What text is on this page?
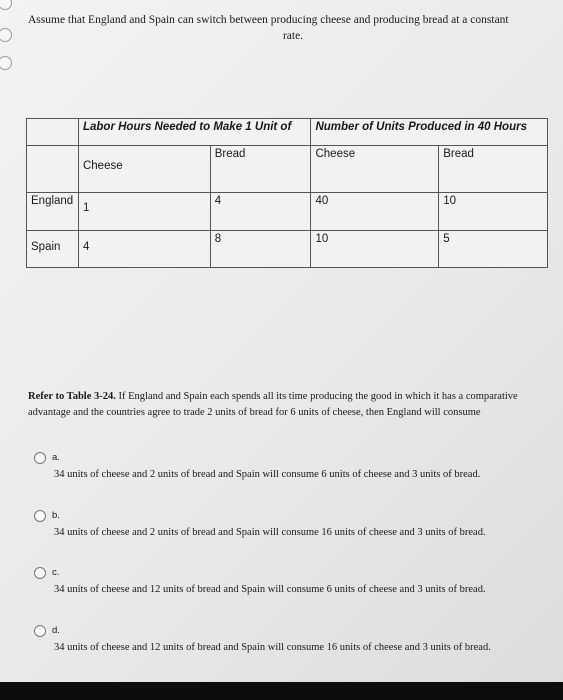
Assume that England and Spain can switch between producing cheese and producing bread at a constant
rate.

	Labor Hours Needed to Make 1 Unit of		Number of Units Produced in 40 Hours	
	Cheese	Bread	Cheese	Bread
England	1	4	40	10
Spain	4	8	10	5

Refer to Table 3-24. If England and Spain each spends all its time producing the good in which it has a comparative advantage and the countries agree to trade 2 units of bread for 6 units of cheese, then England will consume

a.
34 units of cheese and 2 units of bread and Spain will consume 6 units of cheese and 3 units of bread.
b.
34 units of cheese and 2 units of bread and Spain will consume 16 units of cheese and 3 units of bread.
c.
34 units of cheese and 12 units of bread and Spain will consume 6 units of cheese and 3 units of bread.
d.
34 units of cheese and 12 units of bread and Spain will consume 16 units of cheese and 3 units of bread.
